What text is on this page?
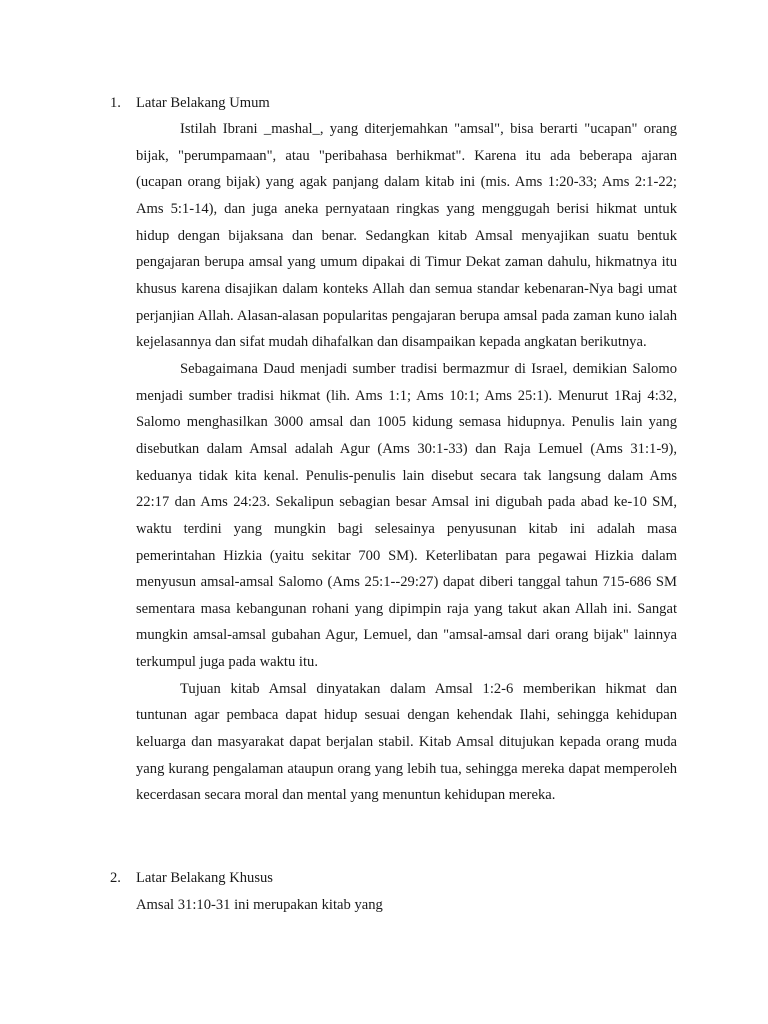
1. Latar Belakang Umum

Istilah Ibrani _mashal_, yang diterjemahkan "amsal", bisa berarti "ucapan" orang bijak, "perumpamaan", atau "peribahasa berhikmat". Karena itu ada beberapa ajaran (ucapan orang bijak) yang agak panjang dalam kitab ini (mis. Ams 1:20-33; Ams 2:1-22; Ams 5:1-14), dan juga aneka pernyataan ringkas yang menggugah berisi hikmat untuk hidup dengan bijaksana dan benar. Sedangkan kitab Amsal menyajikan suatu bentuk pengajaran berupa amsal yang umum dipakai di Timur Dekat zaman dahulu, hikmatnya itu khusus karena disajikan dalam konteks Allah dan semua standar kebenaran-Nya bagi umat perjanjian Allah. Alasan-alasan popularitas pengajaran berupa amsal pada zaman kuno ialah kejelasannya dan sifat mudah dihafalkan dan disampaikan kepada angkatan berikutnya.

Sebagaimana Daud menjadi sumber tradisi bermazmur di Israel, demikian Salomo menjadi sumber tradisi hikmat (lih. Ams 1:1; Ams 10:1; Ams 25:1). Menurut 1Raj 4:32, Salomo menghasilkan 3000 amsal dan 1005 kidung semasa hidupnya. Penulis lain yang disebutkan dalam Amsal adalah Agur (Ams 30:1-33) dan Raja Lemuel (Ams 31:1-9), keduanya tidak kita kenal. Penulis-penulis lain disebut secara tak langsung dalam Ams 22:17 dan Ams 24:23. Sekalipun sebagian besar Amsal ini digubah pada abad ke-10 SM, waktu terdini yang mungkin bagi selesainya penyusunan kitab ini adalah masa pemerintahan Hizkia (yaitu sekitar 700 SM). Keterlibatan para pegawai Hizkia dalam menyusun amsal-amsal Salomo (Ams 25:1--29:27) dapat diberi tanggal tahun 715-686 SM sementara masa kebangunan rohani yang dipimpin raja yang takut akan Allah ini. Sangat mungkin amsal-amsal gubahan Agur, Lemuel, dan "amsal-amsal dari orang bijak" lainnya terkumpul juga pada waktu itu.

Tujuan kitab Amsal dinyatakan dalam Amsal 1:2-6 memberikan hikmat dan tuntunan agar pembaca dapat hidup sesuai dengan kehendak Ilahi, sehingga kehidupan keluarga dan masyarakat dapat berjalan stabil. Kitab Amsal ditujukan kepada orang muda yang kurang pengalaman ataupun orang yang lebih tua, sehingga mereka dapat memperoleh kecerdasan secara moral dan mental yang menuntun kehidupan mereka.

2. Latar Belakang Khusus
Amsal 31:10-31 ini merupakan kitab yang
